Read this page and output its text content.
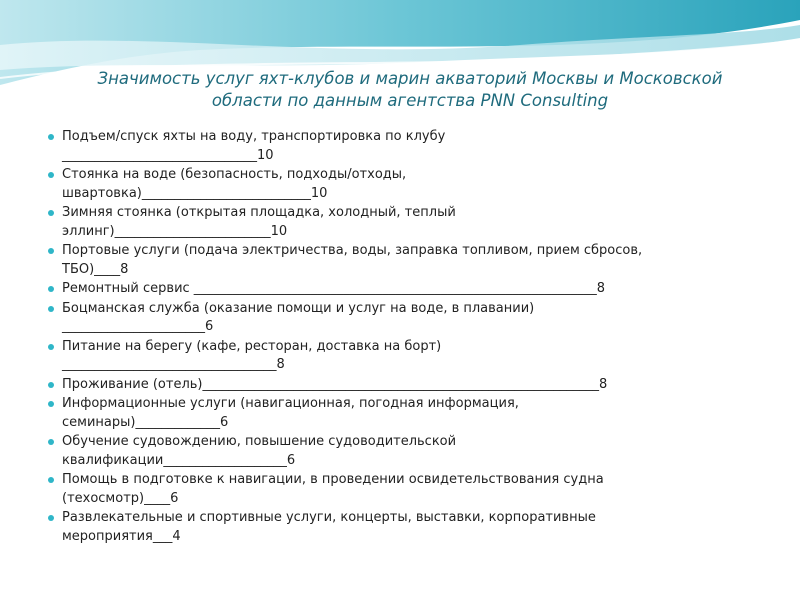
Значимость услуг яхт-клубов и марин акваторий Москвы и Московской
области по данным агентства PNN Consulting
Подъем/спуск яхты на воду, транспортировка по клубу
______________________________10
Стоянка на воде (безопасность, подходы/отходы,
швартовка)__________________________10
Зимняя стоянка (открытая площадка, холодный, теплый
эллинг)________________________10
Портовые услуги (подача электричества, воды, заправка топливом, прием сбросов,
ТБО)____8
Ремонтный сервис ______________________________________________________________8
Боцманская служба (оказание помощи и услуг на воде, в плавании)
______________________6
Питание на берегу (кафе, ресторан, доставка на борт)
_________________________________8
Проживание (отель)_____________________________________________________________8
Информационные услуги (навигационная, погодная информация,
семинары)_____________6
Обучение судовождению, повышение судоводительской
квалификации___________________6
Помощь в подготовке к навигации, в проведении освидетельствования судна
(техосмотр)____6
Развлекательные и спортивные услуги, концерты, выставки, корпоративные
мероприятия___4
